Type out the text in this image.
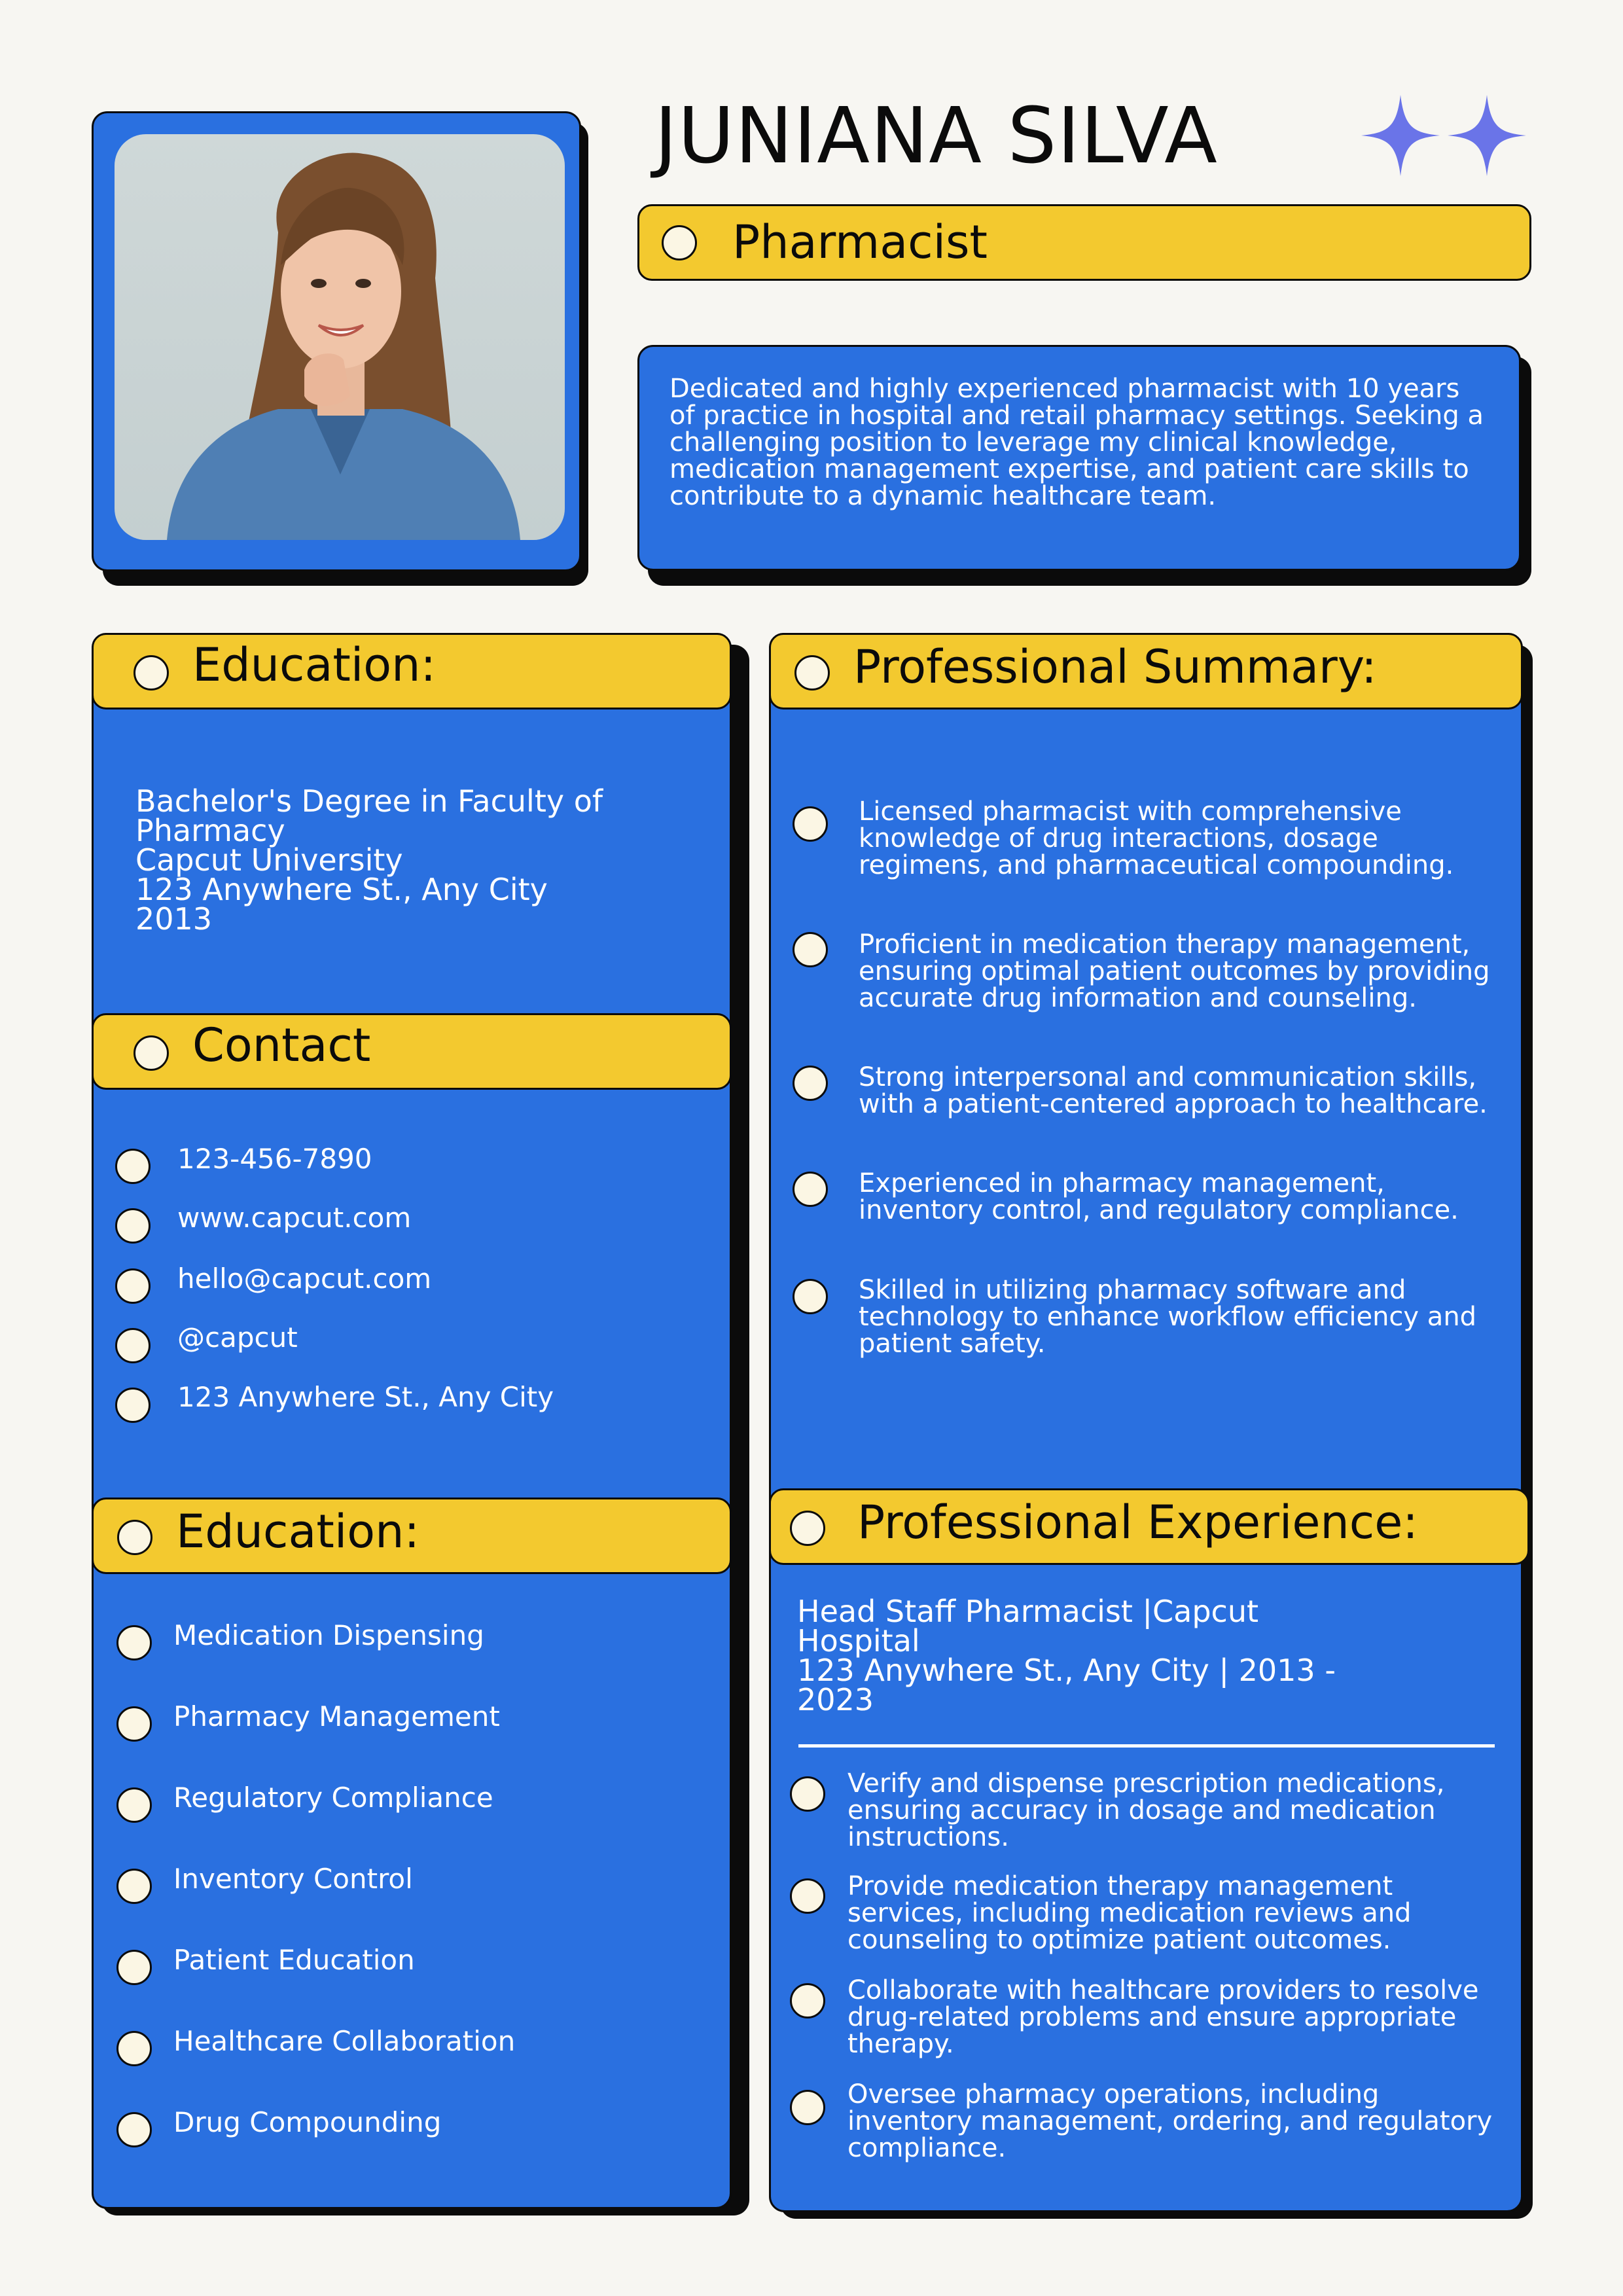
JUNIANA SILVA
Pharmacist
Dedicated and highly experienced pharmacist with 10 years of practice in hospital and retail pharmacy settings. Seeking a challenging position to leverage my clinical knowledge, medication management expertise, and patient care skills to contribute to a dynamic healthcare team.
Education:
Bachelor's Degree in Faculty of
Pharmacy
Capcut University
123 Anywhere St., Any City
2013
Contact
123-456-7890
www.capcut.com
hello@capcut.com
@capcut
123 Anywhere St., Any City
Education:
Medication Dispensing
Pharmacy Management
Regulatory Compliance
Inventory Control
Patient Education
Healthcare Collaboration
Drug Compounding
Professional Summary:
Licensed pharmacist with comprehensive knowledge of drug interactions, dosage regimens, and pharmaceutical compounding.
Proficient in medication therapy management, ensuring optimal patient outcomes by providing accurate drug information and counseling.
Strong interpersonal and communication skills, with a patient-centered approach to healthcare.
Experienced in pharmacy management, inventory control, and regulatory compliance.
Skilled in utilizing pharmacy software and technology to enhance workflow efficiency and patient safety.
Professional Experience:
Head Staff Pharmacist |Capcut Hospital
123 Anywhere St., Any City | 2013 - 2023
Verify and dispense prescription medications, ensuring accuracy in dosage and medication instructions.
Provide medication therapy management services, including medication reviews and counseling to optimize patient outcomes.
Collaborate with healthcare providers to resolve drug-related problems and ensure appropriate therapy.
Oversee pharmacy operations, including inventory management, ordering, and regulatory compliance.
